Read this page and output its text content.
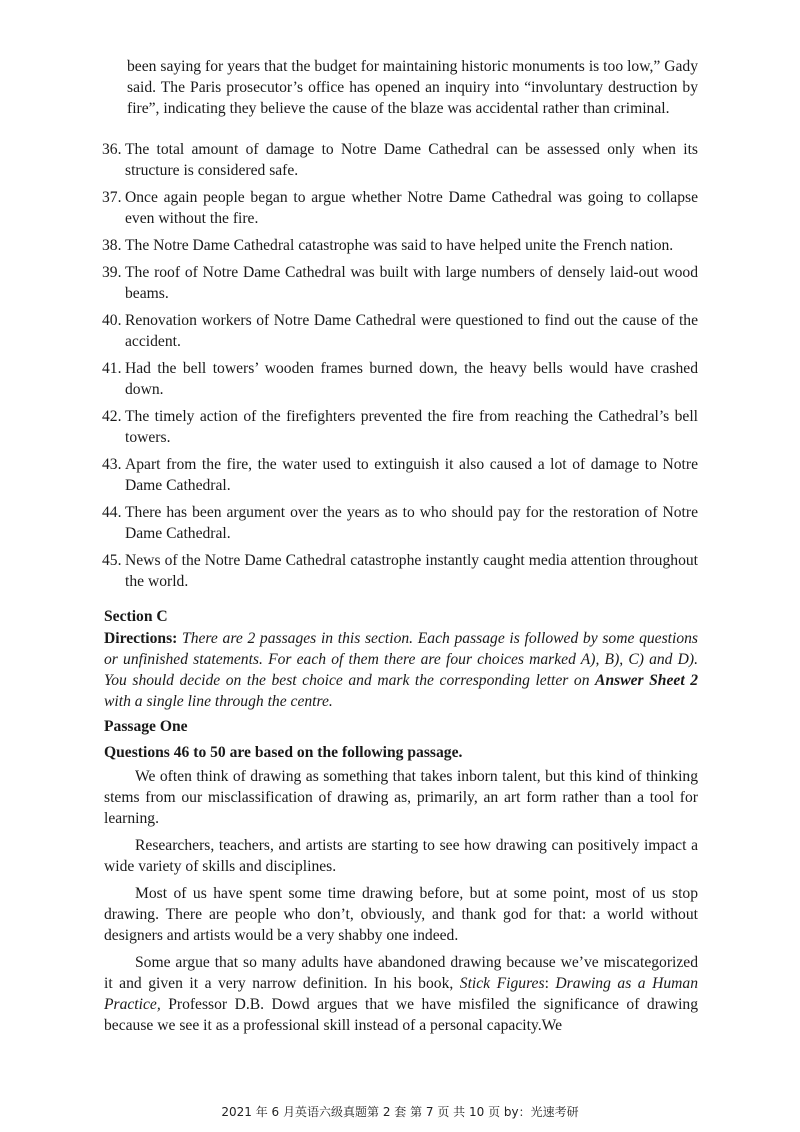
been saying for years that the budget for maintaining historic monuments is too low,” Gady said. The Paris prosecutor’s office has opened an inquiry into “involuntary destruction by fire”, indicating they believe the cause of the blaze was accidental rather than criminal.

36. The total amount of damage to Notre Dame Cathedral can be assessed only when its structure is considered safe.
37. Once again people began to argue whether Notre Dame Cathedral was going to collapse even without the fire.
38. The Notre Dame Cathedral catastrophe was said to have helped unite the French nation.
39. The roof of Notre Dame Cathedral was built with large numbers of densely laid-out wood beams.
40. Renovation workers of Notre Dame Cathedral were questioned to find out the cause of the accident.
41. Had the bell towers’ wooden frames burned down, the heavy bells would have crashed down.
42. The timely action of the firefighters prevented the fire from reaching the Cathedral’s bell towers.
43. Apart from the fire, the water used to extinguish it also caused a lot of damage to Notre Dame Cathedral.
44. There has been argument over the years as to who should pay for the restoration of Notre Dame Cathedral.
45. News of the Notre Dame Cathedral catastrophe instantly caught media attention throughout the world.
Section C

Directions: There are 2 passages in this section. Each passage is followed by some questions or unfinished statements. For each of them there are four choices marked A), B), C) and D). You should decide on the best choice and mark the corresponding letter on Answer Sheet 2 with a single line through the centre.

Passage One
Questions 46 to 50 are based on the following passage.

We often think of drawing as something that takes inborn talent, but this kind of thinking stems from our misclassification of drawing as, primarily, an art form rather than a tool for learning.

Researchers, teachers, and artists are starting to see how drawing can positively impact a wide variety of skills and disciplines.

Most of us have spent some time drawing before, but at some point, most of us stop drawing. There are people who don’t, obviously, and thank god for that: a world without designers and artists would be a very shabby one indeed.

Some argue that so many adults have abandoned drawing because we’ve miscategorized it and given it a very narrow definition. In his book, Stick Figures: Drawing as a Human Practice, Professor D.B. Dowd argues that we have misfiled the significance of drawing because we see it as a professional skill instead of a personal capacity.We

2021 年 6 月英语六级真题第 2 套 第 7 页 共 10 页 by：光速考研
